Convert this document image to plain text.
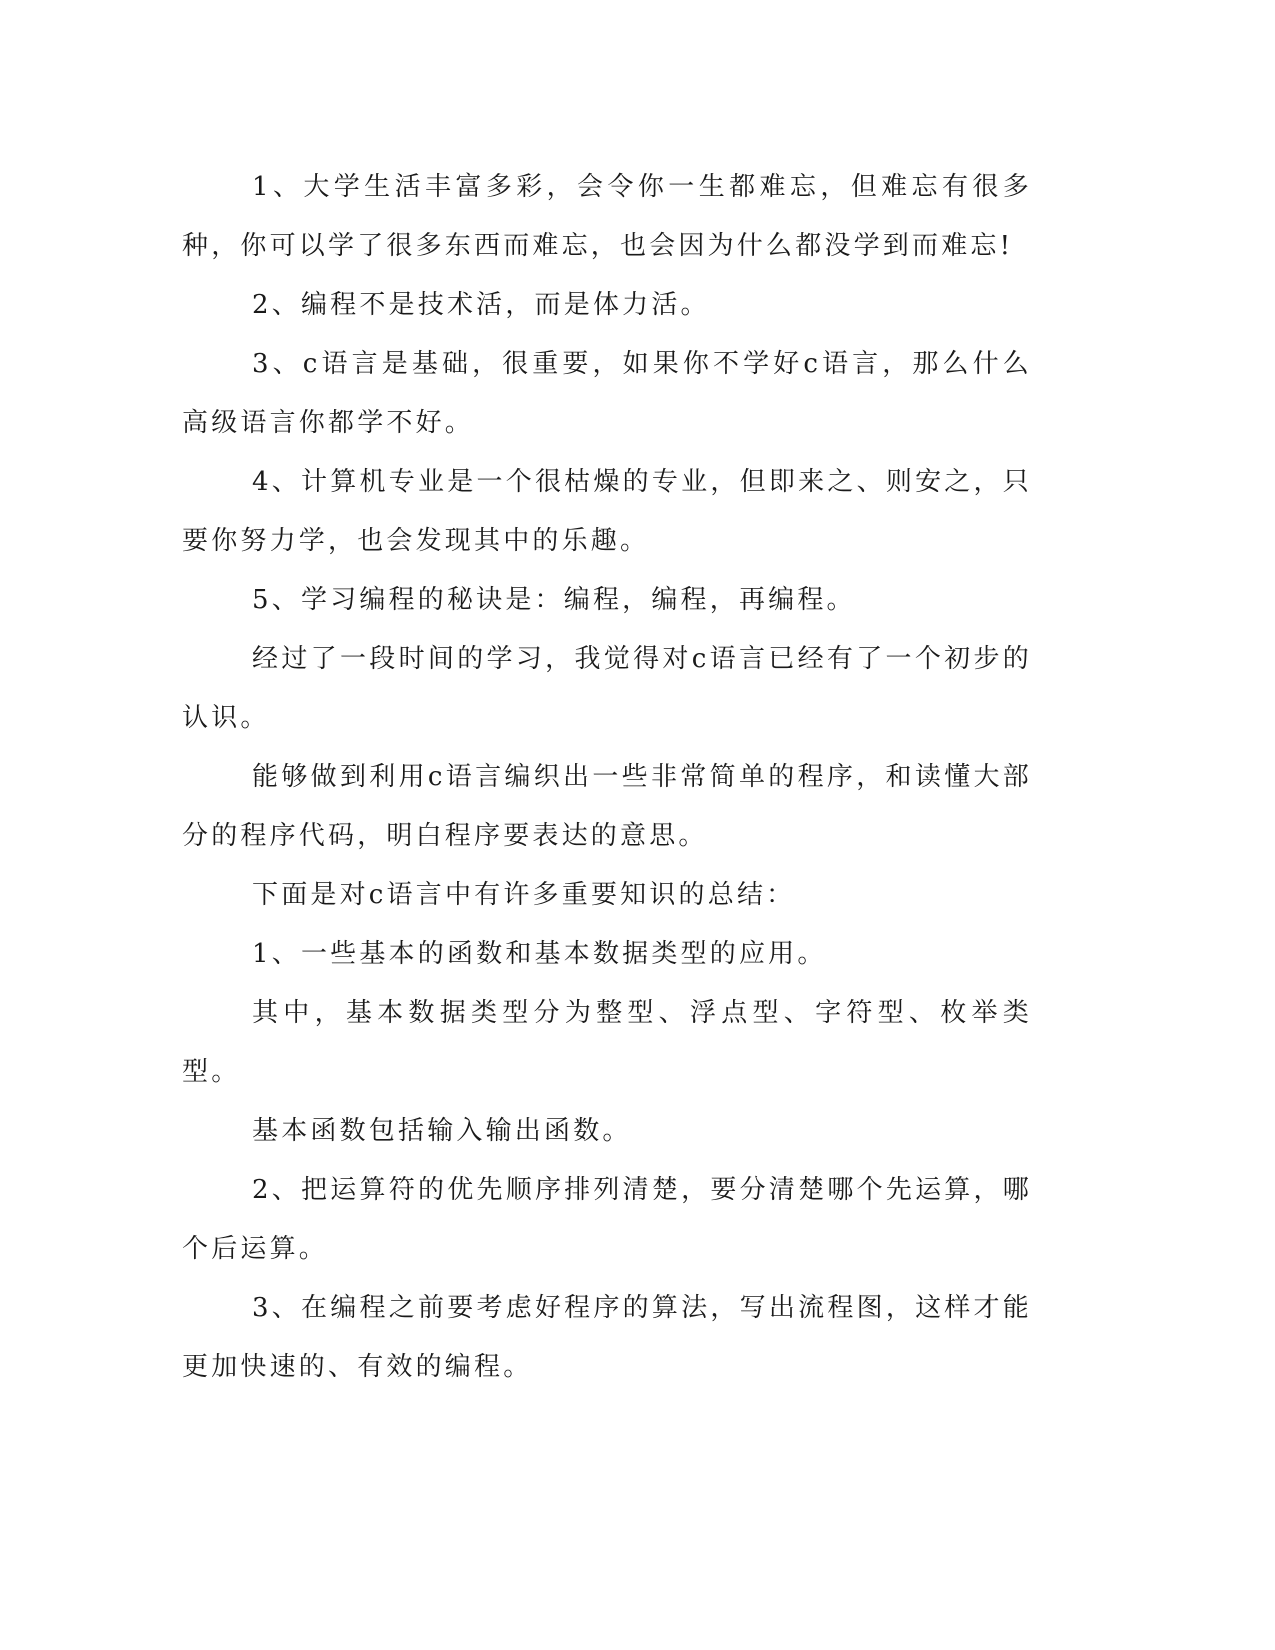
1、大学生活丰富多彩，会令你一生都难忘，但难忘有很多种，你可以学了很多东西而难忘，也会因为什么都没学到而难忘!

2、编程不是技术活，而是体力活。

3、c语言是基础，很重要，如果你不学好c语言，那么什么高级语言你都学不好。

4、计算机专业是一个很枯燥的专业，但即来之、则安之，只要你努力学，也会发现其中的乐趣。

5、学习编程的秘诀是：编程，编程，再编程。

经过了一段时间的学习，我觉得对c语言已经有了一个初步的认识。

能够做到利用c语言编织出一些非常简单的程序，和读懂大部分的程序代码，明白程序要表达的意思。

下面是对c语言中有许多重要知识的总结：

1、一些基本的函数和基本数据类型的应用。

其中，基本数据类型分为整型、浮点型、字符型、枚举类型。

基本函数包括输入输出函数。

2、把运算符的优先顺序排列清楚，要分清楚哪个先运算，哪个后运算。

3、在编程之前要考虑好程序的算法，写出流程图，这样才能更加快速的、有效的编程。
